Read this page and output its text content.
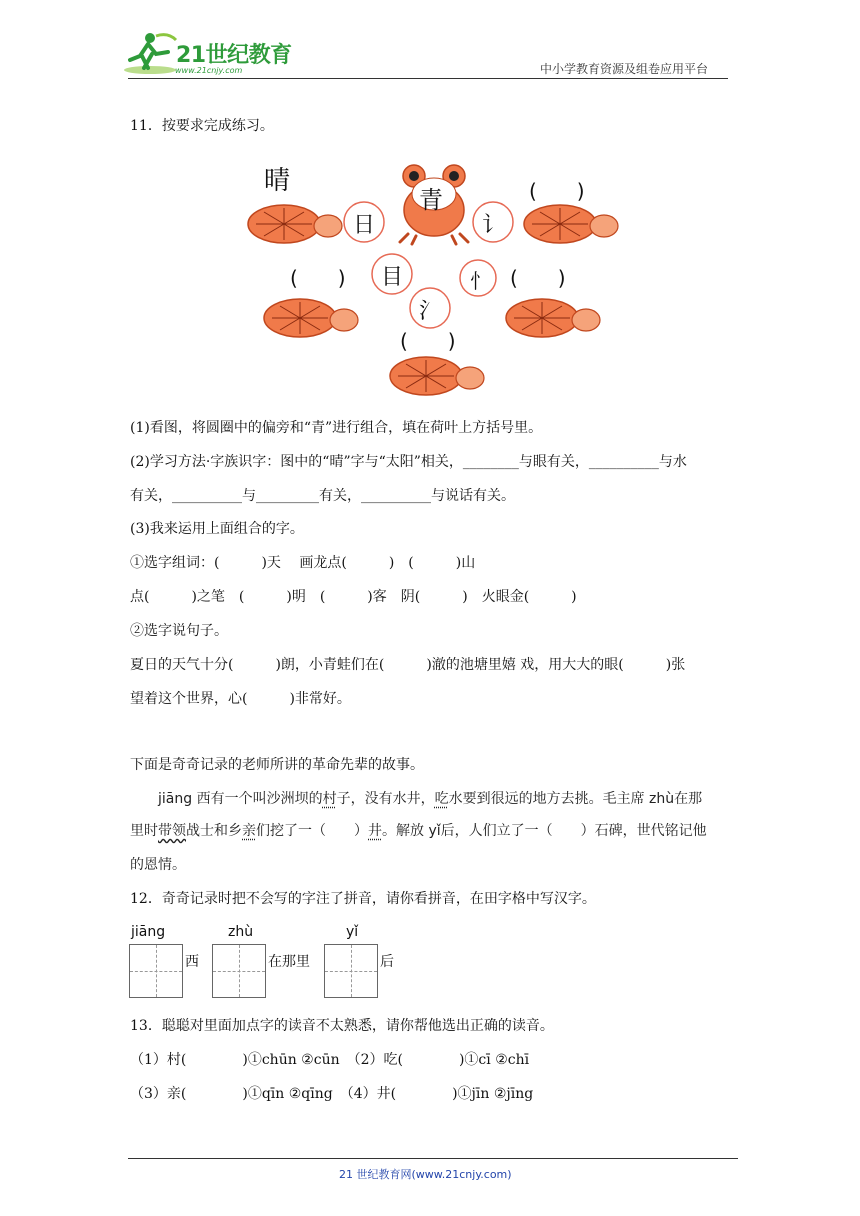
21世纪教育
www.21cnjy.com	中小学教育资源及组卷应用平台
11．按要求完成练习。
晴
青
日	讠
目	忄
氵
(　　)
(　　)	(　　)
(　　)
(1)看图，将圆圈中的偏旁和“青”进行组合，填在荷叶上方括号里。
(2)学习方法·字族识字：图中的“晴”字与“太阳”相关，________与眼有关，__________与水
有关，__________与_________有关，__________与说话有关。
(3)我来运用上面组合的字。
①选字组词：(　　　)天　 画龙点(　　　)　(　　　)山
点(　　　)之笔　(　　　)明　(　　　)客　阴(　　　)　火眼金(　　　)
②选字说句子。
夏日的天气十分(　　　)朗，小青蛙们在(　　　)澈的池塘里嬉 戏，用大大的眼(　　　)张
望着这个世界，心(　　　)非常好。
下面是奇奇记录的老师所讲的革命先辈的故事。
jiāng 西有一个叫沙洲坝的村子，没有水井，吃水要到很远的地方去挑。毛主席 zhù在那
里时带领战士和乡亲们挖了一（　　）井。解放 yǐ后，人们立了一（　　）石碑，世代铭记他
的恩情。
12．奇奇记录时把不会写的字注了拼音，请你看拼音，在田字格中写汉字。
jiāng
西
zhù
在那里
yǐ
后
13．聪聪对里面加点字的读音不太熟悉，请你帮他选出正确的读音。
（1）村(　　　　)①chūn ②cūn　（2）吃(　　　　)①cī ②chī
（3）亲(　　　　)①qīn ②qīng　（4）井(　　　　)①jīn ②jīng
21 世纪教育网(www.21cnjy.com)
